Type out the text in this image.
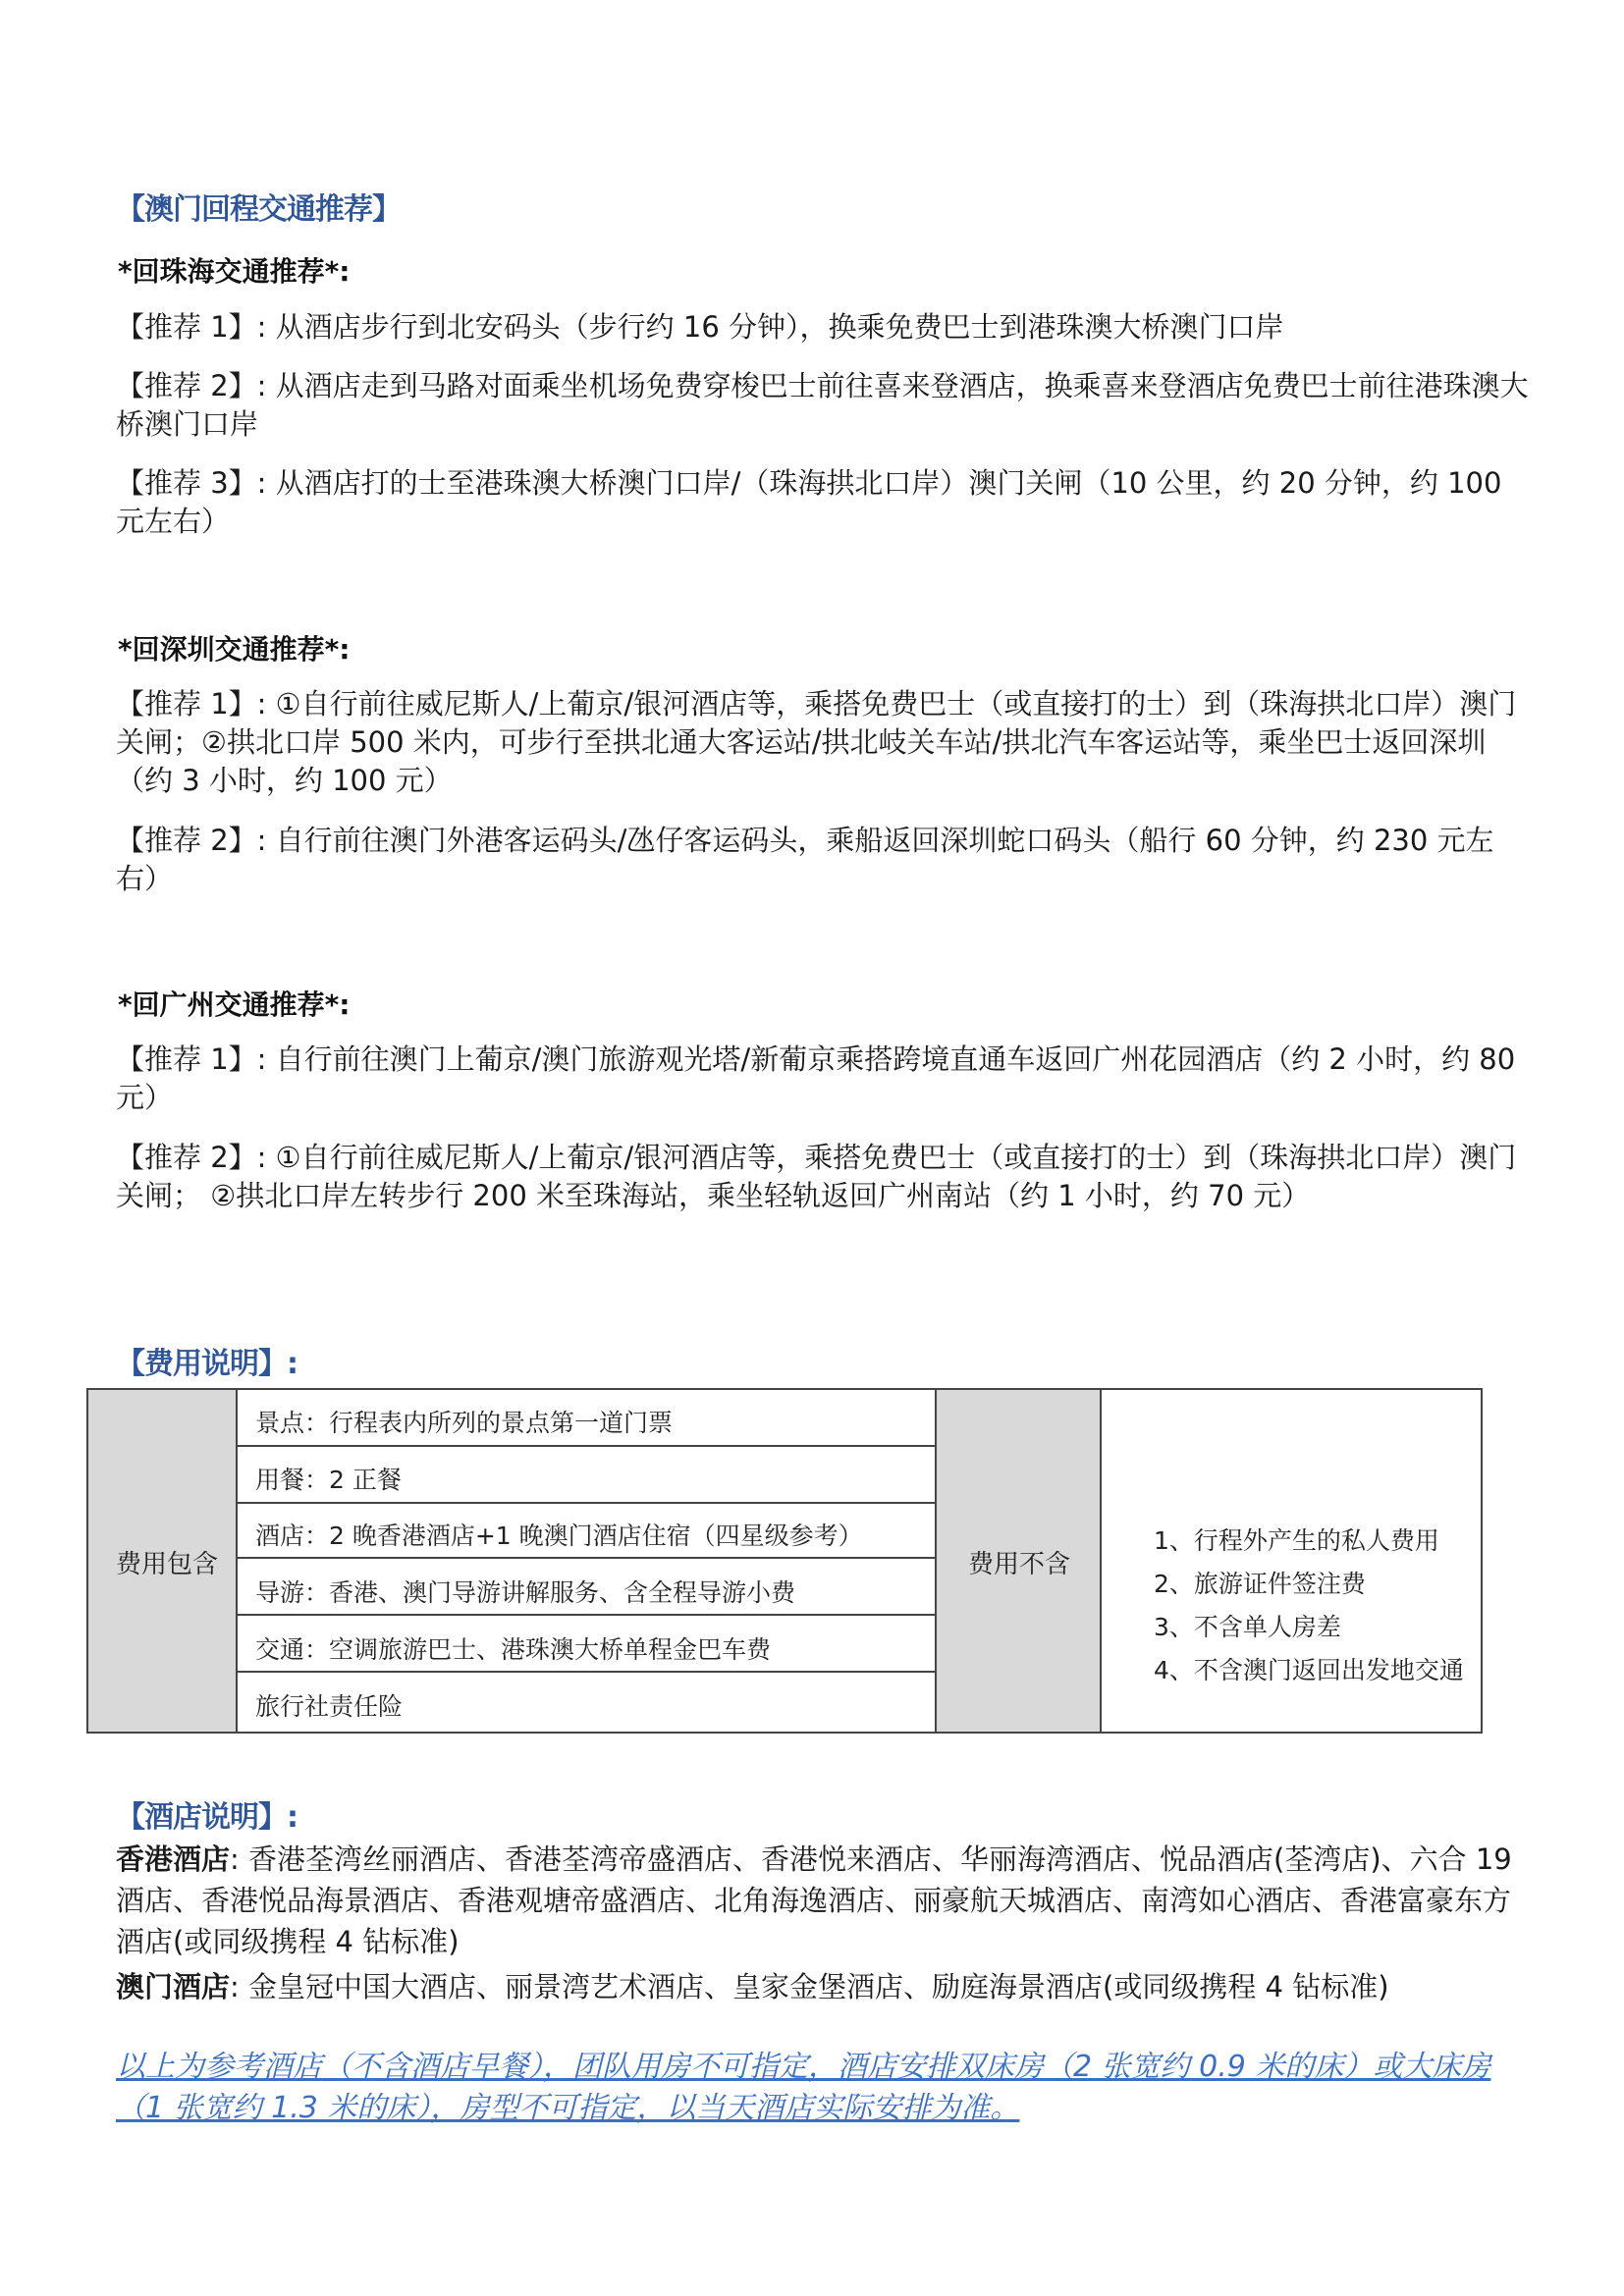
【澳门回程交通推荐】
*回珠海交通推荐*:
【推荐 1】: 从酒店步行到北安码头（步行约 16 分钟），换乘免费巴士到港珠澳大桥澳门口岸
【推荐 2】: 从酒店走到马路对面乘坐机场免费穿梭巴士前往喜来登酒店，换乘喜来登酒店免费巴士前往港珠澳大桥澳门口岸
【推荐 3】: 从酒店打的士至港珠澳大桥澳门口岸/（珠海拱北口岸）澳门关闸（10 公里，约 20 分钟，约 100 元左右）
*回深圳交通推荐*:
【推荐 1】: ①自行前往威尼斯人/上葡京/银河酒店等，乘搭免费巴士（或直接打的士）到（珠海拱北口岸）澳门关闸；②拱北口岸 500 米内，可步行至拱北通大客运站/拱北岐关车站/拱北汽车客运站等，乘坐巴士返回深圳（约 3 小时，约 100 元）
【推荐 2】: 自行前往澳门外港客运码头/氹仔客运码头，乘船返回深圳蛇口码头（船行 60 分钟，约 230 元左右）
*回广州交通推荐*:
【推荐 1】: 自行前往澳门上葡京/澳门旅游观光塔/新葡京乘搭跨境直通车返回广州花园酒店（约 2 小时，约 80 元）
【推荐 2】: ①自行前往威尼斯人/上葡京/银河酒店等，乘搭免费巴士（或直接打的士）到（珠海拱北口岸）澳门关闸； ②拱北口岸左转步行 200 米至珠海站，乘坐轻轨返回广州南站（约 1 小时，约 70 元）
【费用说明】:
费用包含	费用不含
景点：行程表内所列的景点第一道门票
用餐：2 正餐
酒店：2 晚香港酒店+1 晚澳门酒店住宿（四星级参考）
导游：香港、澳门导游讲解服务、含全程导游小费
交通：空调旅游巴士、港珠澳大桥单程金巴车费
旅行社责任险
1、行程外产生的私人费用
2、旅游证件签注费
3、不含单人房差
4、不含澳门返回出发地交通
【酒店说明】:
香港酒店: 香港荃湾丝丽酒店、香港荃湾帝盛酒店、香港悦来酒店、华丽海湾酒店、悦品酒店(荃湾店)、六合 19 酒店、香港悦品海景酒店、香港观塘帝盛酒店、北角海逸酒店、丽豪航天城酒店、南湾如心酒店、香港富豪东方酒店(或同级携程 4 钻标准)
澳门酒店: 金皇冠中国大酒店、丽景湾艺术酒店、皇家金堡酒店、励庭海景酒店(或同级携程 4 钻标准)
以上为参考酒店（不含酒店早餐），团队用房不可指定，酒店安排双床房（2 张宽约 0.9 米的床）或大床房（1 张宽约 1.3 米的床），房型不可指定，以当天酒店实际安排为准。
